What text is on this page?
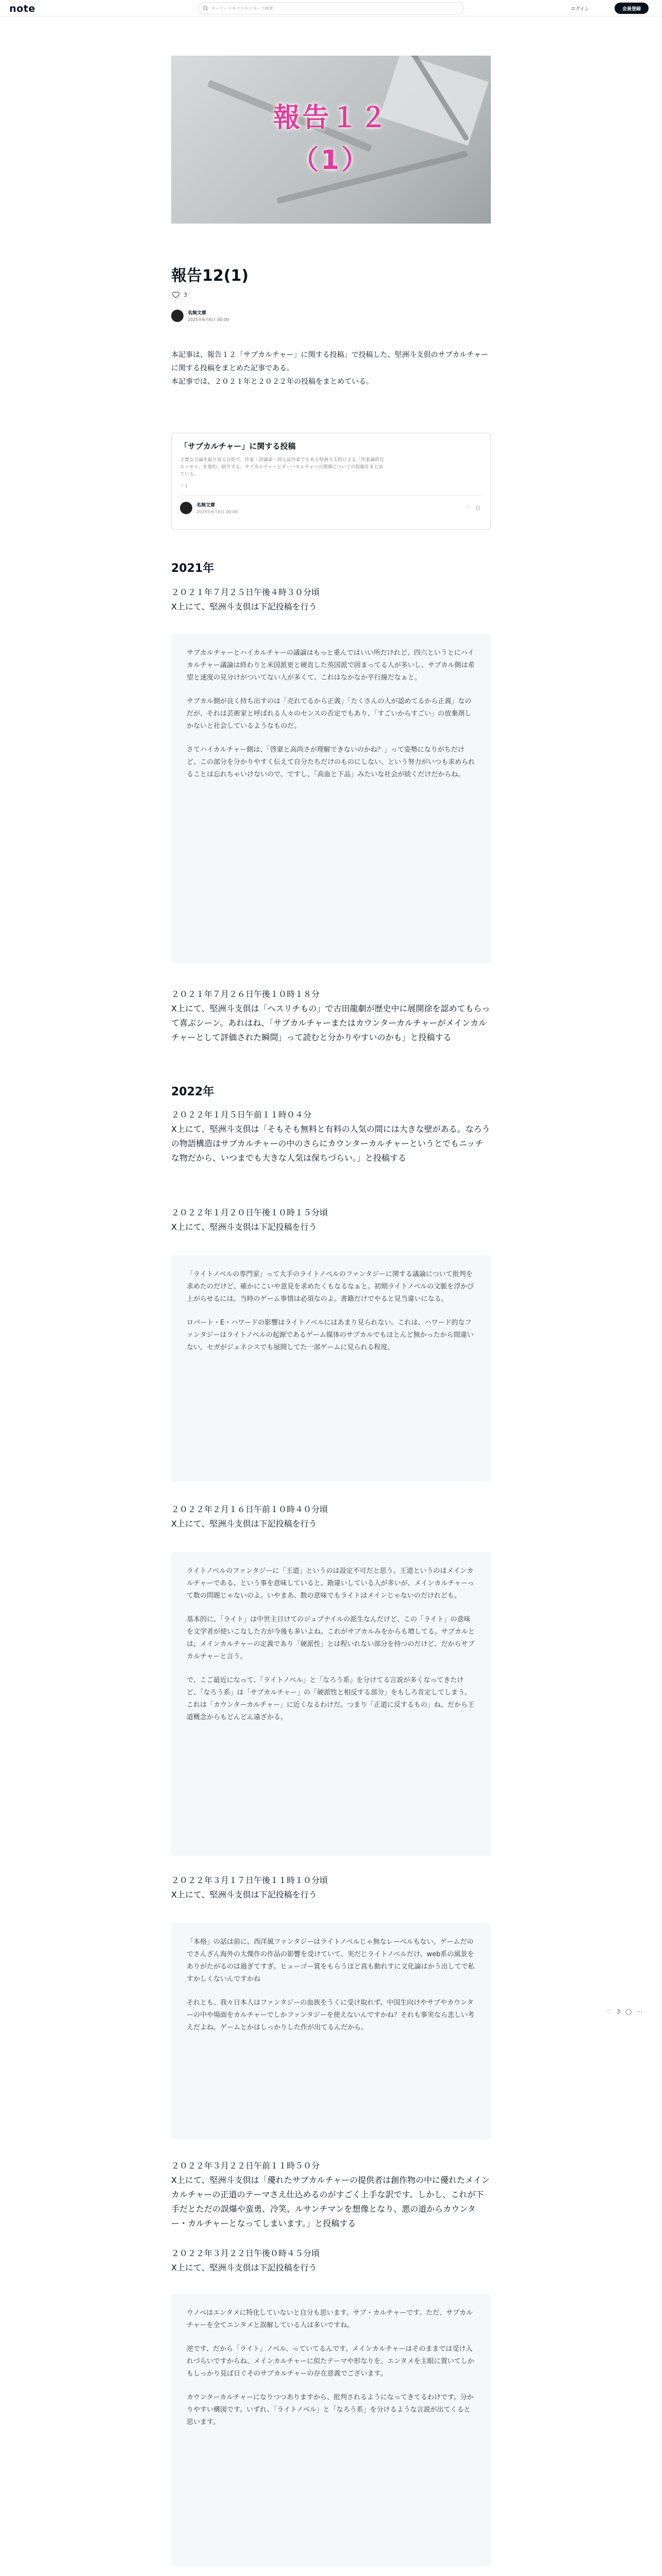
note	キーワードやクリエイターで検索	ログイン	会員登録
報告１２
（1）
報告12(1)
3
名無文庫
2025年6月6日 00:00
本記事は、報告１２「サブカルチャー」に関する投稿」で投稿した、堅洲斗支倶のサブカルチャーに関する投稿をまとめた記事である。
本記事では、２０２１年と２０２２年の投稿をまとめている。
「サブカルチャー」に関する投稿
主要な言論を振り返る目的で、作家・評論家・同人誌作家でもある堅洲斗支倶による「作家論的なエッセイ」を要約、紹介する。サブカルチャーとオーバカルチャーの関係についての投稿をまとめている。
♡ 1
名無文庫
2025年6月6日 00:00
♡ ⊡
2021年
２０２１年７月２５日午後４時３０分頃
X上にて、堅洲斗支倶は下記投稿を行う

サブカルチャーとハイカルチャーの議論はもっと重んではいい所だけれど、四六というとにハイカルチャー議論は終わりと米国派更と硬直した英国派で固まってる人が多いし、サブカル側は希望と速度の見分けがついてない人が多くて、これはなかなか平行線だなぁと。

サブカル側が良く持ち出すのは「売れてるから正義」「たくさんの人が認めてるから正義」なのだが、それは芸術家と呼ばれる人々のセンスの否定でもあり、「すごいからすごい」の放棄剤しかないと社会しているようなものだ。

さてハイカルチャー側は、「啓蒙と高尚さが理解できないのかね？」って姿勢になりがちだけど、この部分を分かりやすく伝えて自分たちだけのものにしない、という努力がいつも求められることは忘れちゃいけないので、ですし、「高血と下品」みたいな社会が続くだけだからね。

２０２１年７月２６日午後１０時１８分
X上にて、堅洲斗支倶は「ヘスリチもの」で古田龍劇が歴史中に展開徐を認めてもらって喜ぶシーン。あれはね、「サブカルチャーまたはカウンターカルチャーがメインカルチャーとして評価された瞬間」って読むと分かりやすいのかも」と投稿する
2022年
２０２２年１月５日午前１１時０４分
X上にて、堅洲斗支倶は「そもそも無料と有料の人気の間には大きな壁がある。なろうの物語構造はサブカルチャーの中のさらにカウンターカルチャーというとでもニッチな物だから、いつまでも大きな人気は保ちづらい。」と投稿する
２０２２年１月２０日午後１０時１５分頃
X上にて、堅洲斗支倶は下記投稿を行う

「ライトノベルの専門家」って大手のライトノベルのファンタジーに関する議論について批判を求めたのだけど、確かにこいや意見を求めたくもなるなぁと。初期ライトノベルの文脈を浮かび上がらせるには、当時のゲーム事情は必須なのよ。書籍だけでやると見当違いになる。

ロバート・E・ハワードの影響はライトノベルにはあまり見られない。これは、ハワード的なファンタジーはライトノベルの起源であるゲーム媒体のサブカルでもほとんど無かったから間違いない。セガがジェネシスでも展開してた一部ゲームに見られる程度。

２０２２年２月１６日午前１０時４０分頃
X上にて、堅洲斗支倶は下記投稿を行う

ライトノベルのファンタジーに「王道」というのは設定不可だと思う。王道というのはメインカルチャーである、という事を意味していると、勘違いしている人が多いが、メインカルチャーって数の問題じゃないのよ。いやまあ、数の意味でもライトはメインじゃないのだけれども。

基本的に、「ライト」は中世主日けてのジュブナイルの派生なんだけど、この「ライト」の意味を文学者が使いこなした方が今後も多いよね。これがサブカルみをからも増してる。サブカルとは、メインカルチャーの定義であり「硬派性」とは程いれない部分を持つのだけど、だからサブカルチャーと言う。

で、こご最近になって、「ライトノベル」と「なろう系」を分けてる言説が多くなってきたけど、「なろう系」は「サブカルチャー」の「硬派性と相反する部分」をもしろ肯定してしまう。これは「カウンターカルチャー」に近くなるわけだ。つまり「正道に反するもの」ね。だから王道概念からもどんどん遠ざかる。

２０２２年３月１７日午後１１時１０分頃
X上にて、堅洲斗支倶は下記投稿を行う

「本格」の話は前に、西洋風ファンタジーはライトノベルじゃ無なレーベルもない。ゲームだのでさんざん海外の大傑作の作品の影響を受けていて、実だじライトノベルだけ、web系の風景をありがたがるのは過ぎてすぎ。ヒューゴー賞をもらうほど真も動れすに文化論はかう出してで私すかしくないんですかね

それとも、我々日本人はファンタジーの血族をうくに受け取れず、中国生向けやサブやカウンターの中や場面をカルチャーでしかファンタジーを使えないんですかね？それも事実なら悲しい考えだよね。ゲームとかはしっかりした作が出てるんだから。

２０２２年３月２２日午前１１時５０分
X上にて、堅洲斗支倶は「優れたサブカルチャーの提供者は創作物の中に優れたメインカルチャーの正道のテーマさえ仕込めるのがすごく上手な訳です。しかし、これが下手だとただの誤爆や蛮勇、冷笑、ルサンチマンを想像となり、悪の道からカウンター・カルチャーとなってしまいます。」と投稿する
２０２２年３月２２日午後０時４５分頃
X上にて、堅洲斗支倶は下記投稿を行う

ウノベはエンタメに特化していないと自分も思います。サブ・カルチャーです。ただ、サブカルチャーを全てエンタメと誤解している人は多いですね。

逆です、だから「ライト」ノベル、っていてるんです。メインカルチャーはそのままでは受け入れづらいですからね、メインカルチャーに似たテーマや形なりを、エンタメを主眼に置いてしかもしっかり見ば日ぐそのサブカルチャーの存在意義でございます。

カウンターカルチャーになりつつありますから、批判されるようになってきてるわけです。分かりやすい構図です。いずれ、「ライトノベル」と「なろう系」を分けるような言説が出てくると思います。

♡ 3 ◯ ⋯
